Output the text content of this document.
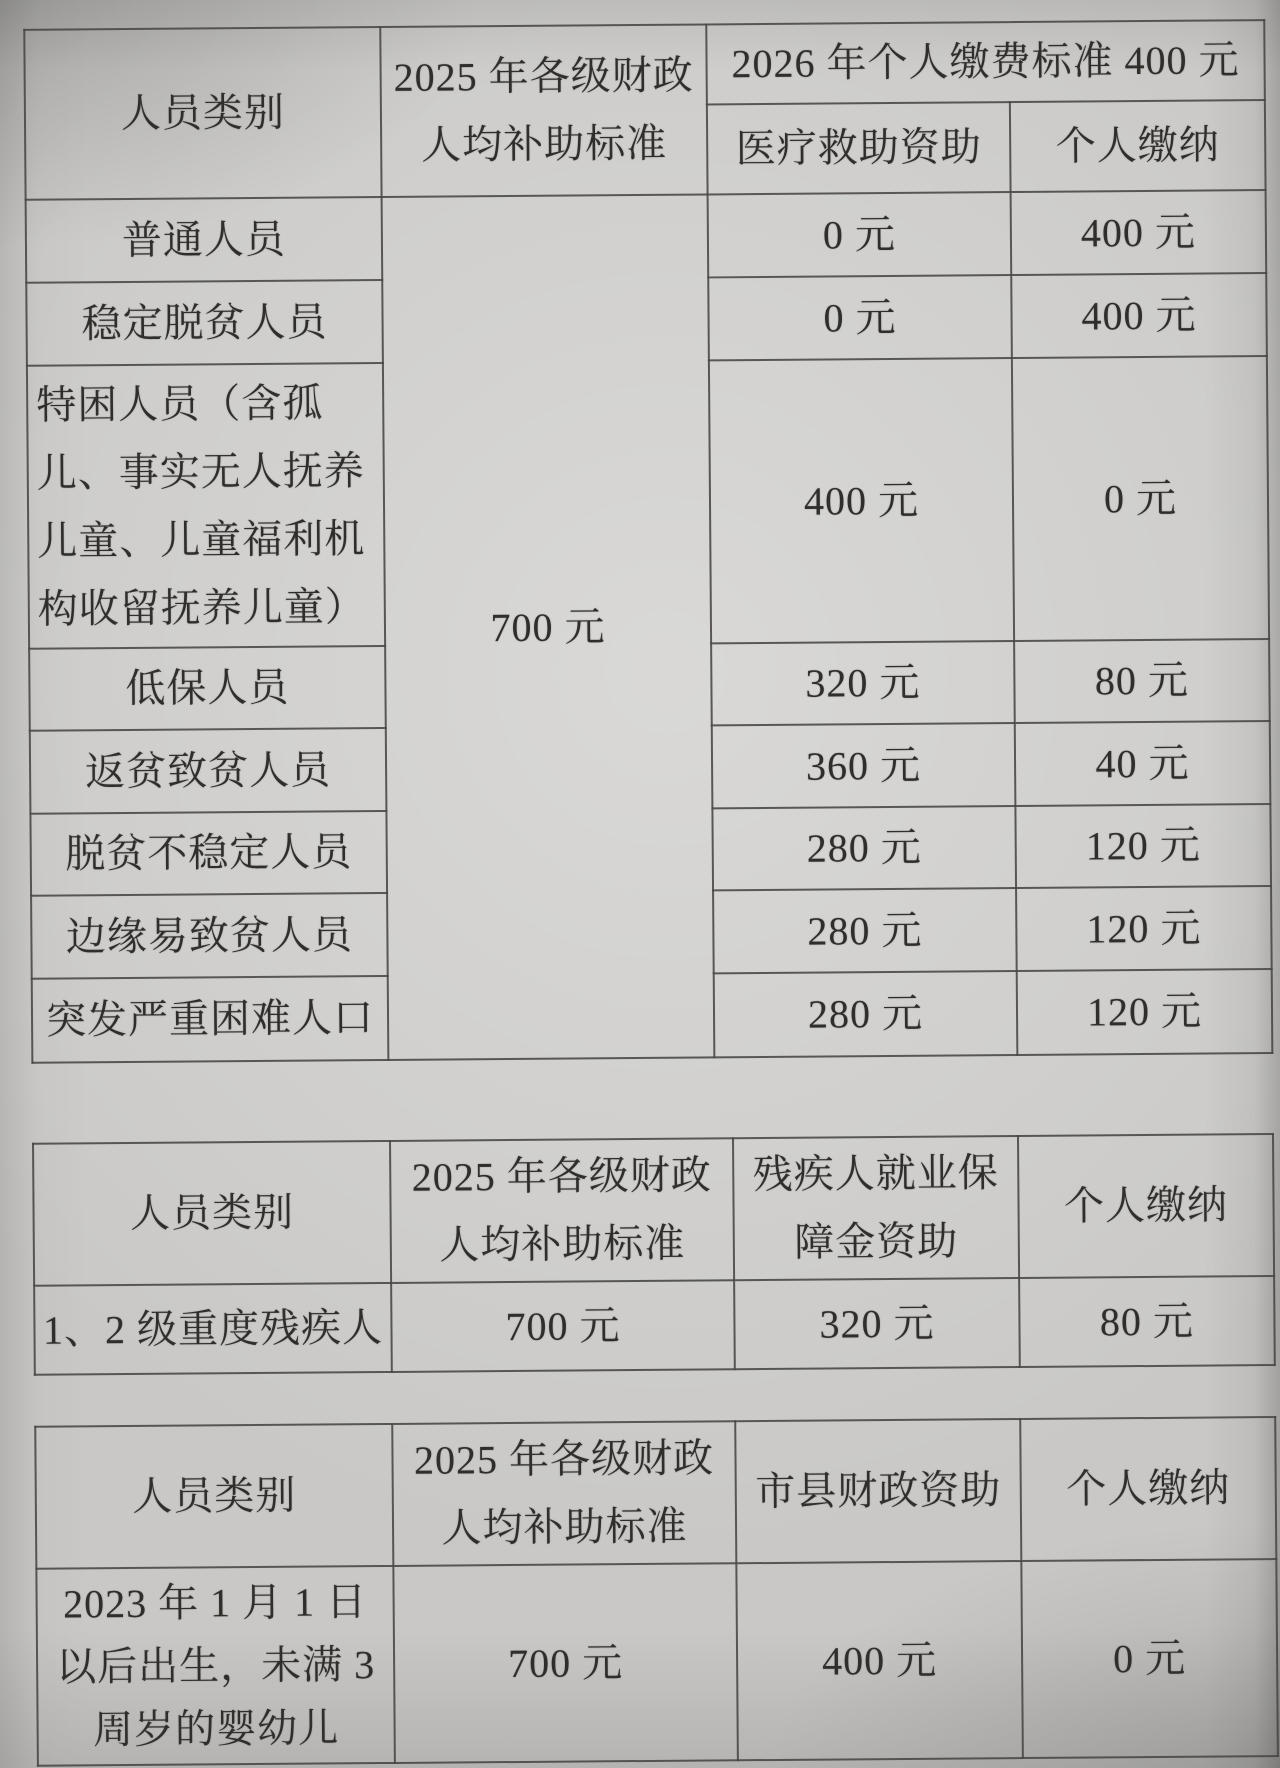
人员类别	2025 年各级财政人均补助标准	2026 年个人缴费标准 400 元	
		医疗救助资助	个人缴纳
普通人员	700 元	0 元	400 元
稳定脱贫人员		0 元	400 元
特困人员（含孤儿、事实无人抚养儿童、儿童福利机构收留抚养儿童）		400 元	0 元
低保人员		320 元	80 元
返贫致贫人员		360 元	40 元
脱贫不稳定人员		280 元	120 元
边缘易致贫人员		280 元	120 元
突发严重困难人口		280 元	120 元
人员类别	2025 年各级财政人均补助标准	残疾人就业保障金资助	个人缴纳
1、2 级重度残疾人	700 元	320 元	80 元
人员类别	2025 年各级财政人均补助标准	市县财政资助	个人缴纳
2023 年 1 月 1 日以后出生，未满 3 周岁的婴幼儿	700 元	400 元	0 元
